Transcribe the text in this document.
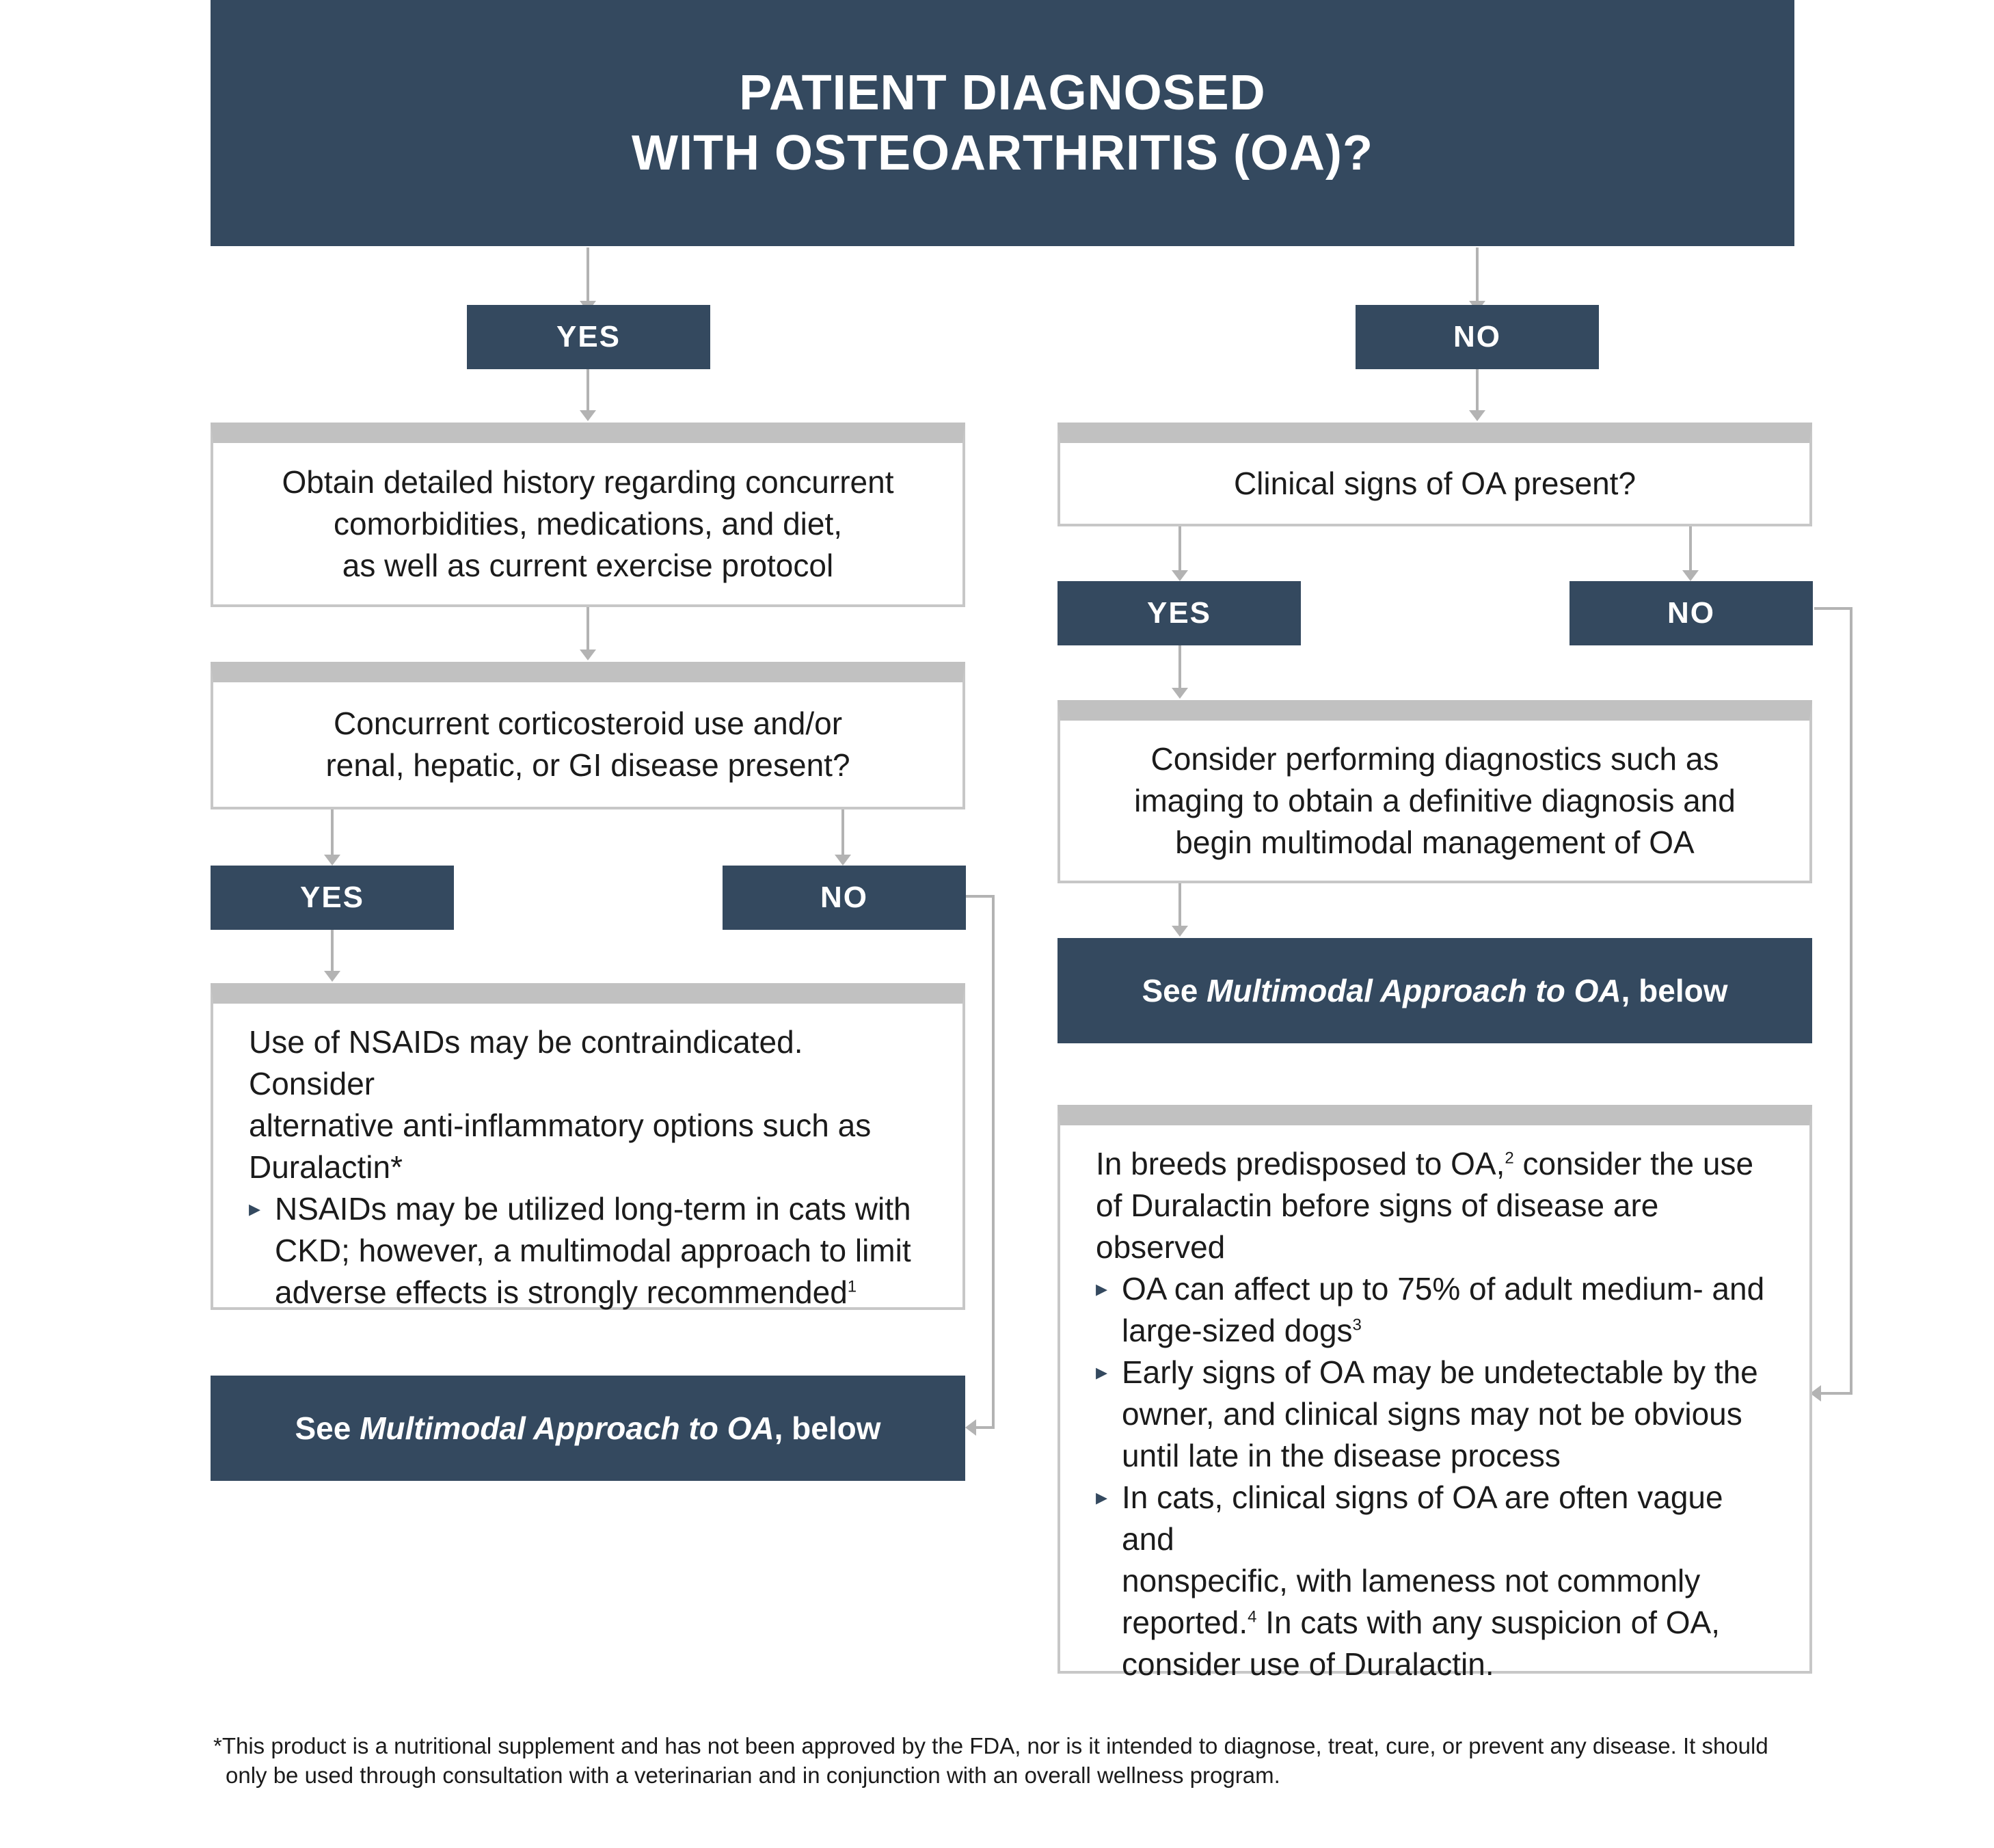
PATIENT DIAGNOSED
WITH OSTEOARTHRITIS (OA)?
YES	NO
Obtain detailed history regarding concurrent
comorbidities, medications, and diet,
as well as current exercise protocol
Concurrent corticosteroid use and/or
renal, hepatic, or GI disease present?
YES	NO
Use of NSAIDs may be contraindicated. Consider
alternative anti-inflammatory options such as
Duralactin*
▸ NSAIDs may be utilized long-term in cats with
CKD; however, a multimodal approach to limit
adverse effects is strongly recommended$^1$
See Multimodal Approach to OA , below
Clinical signs of OA present?
YES	NO
Consider performing diagnostics such as
imaging to obtain a definitive diagnosis and
begin multimodal management of OA
See Multimodal Approach to OA , below
In breeds predisposed to OA,$^2$ consider the use
of Duralactin before signs of disease are
observed
▸ OA can affect up to 75% of adult medium- and
large-sized dogs$^3$
▸ Early signs of OA may be undetectable by the
owner, and clinical signs may not be obvious
until late in the disease process
▸ In cats, clinical signs of OA are often vague and
nonspecific, with lameness not commonly
reported.$^4$ In cats with any suspicion of OA,
consider use of Duralactin.
*This product is a nutritional supplement and has not been approved by the FDA, nor is it intended to diagnose, treat, cure, or prevent any disease. It should
only be used through consultation with a veterinarian and in conjunction with an overall wellness program.
